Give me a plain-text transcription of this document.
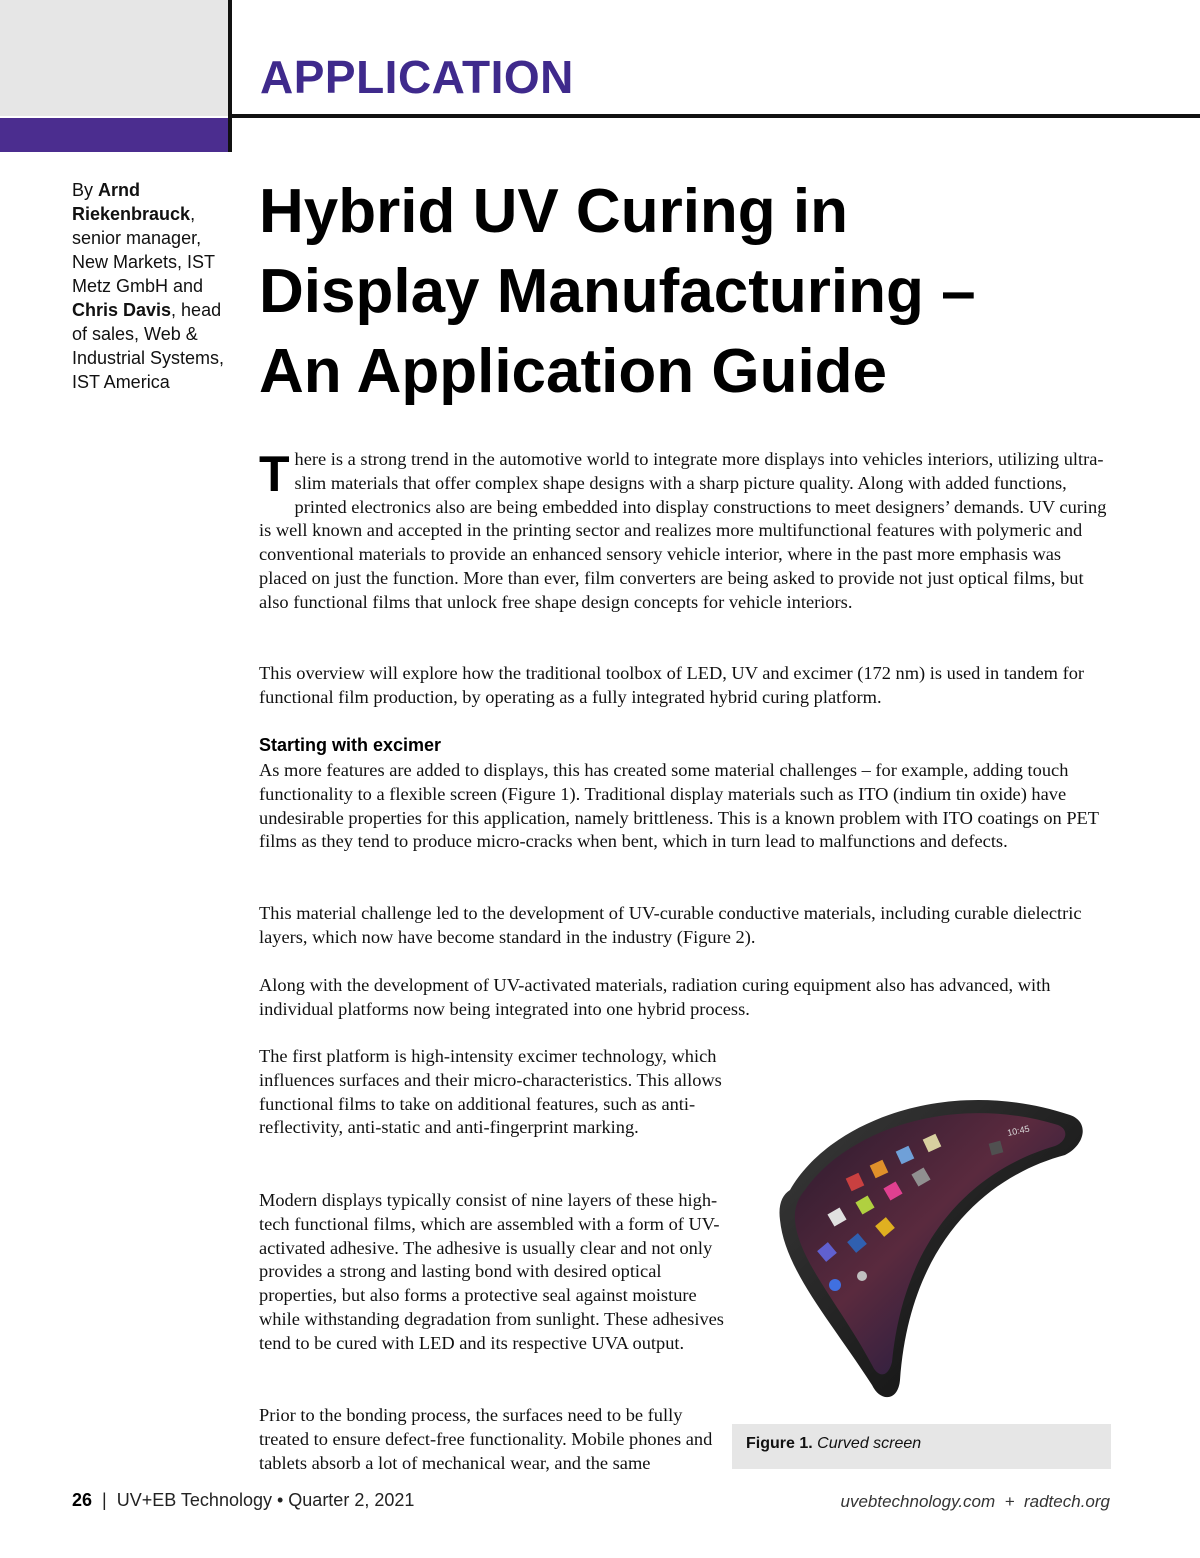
APPLICATION
By Arnd Riekenbrauck, senior manager, New Markets, IST Metz GmbH and Chris Davis, head of sales, Web & Industrial Systems, IST America
Hybrid UV Curing in
Display Manufacturing –
An Application Guide
There is a strong trend in the automotive world to integrate more displays into vehicles interiors, utilizing ultra-slim materials that offer complex shape designs with a sharp picture quality. Along with added functions, printed electronics also are being embedded into display constructions to meet designers’ demands. UV curing is well known and accepted in the printing sector and realizes more multifunctional features with polymeric and conventional materials to provide an enhanced sensory vehicle interior, where in the past more emphasis was placed on just the function. More than ever, film converters are being asked to provide not just optical films, but also functional films that unlock free shape design concepts for vehicle interiors.

This overview will explore how the traditional toolbox of LED, UV and excimer (172 nm) is used in tandem for functional film production, by operating as a fully integrated hybrid curing platform.

Starting with excimer

As more features are added to displays, this has created some material challenges – for example, adding touch functionality to a flexible screen (Figure 1). Traditional display materials such as ITO (indium tin oxide) have undesirable properties for this application, namely brittleness. This is a known problem with ITO coatings on PET films as they tend to produce micro-cracks when bent, which in turn lead to malfunctions and defects.

This material challenge led to the development of UV-curable conductive materials, including curable dielectric layers, which now have become standard in the industry (Figure 2).

Along with the development of UV-activated materials, radiation curing equipment also has advanced, with individual platforms now being integrated into one hybrid process.

The first platform is high-intensity excimer technology, which influences surfaces and their micro-characteristics. This allows functional films to take on additional features, such as anti-reflectivity, anti-static and anti-fingerprint marking.

Modern displays typically consist of nine layers of these high-tech functional films, which are assembled with a form of UV-activated adhesive. The adhesive is usually clear and not only provides a strong and lasting bond with desired optical properties, but also forms a protective seal against moisture while withstanding degradation from sunlight. These adhesives tend to be cured with LED and its respective UVA output.

Prior to the bonding process, the surfaces need to be fully treated to ensure defect-free functionality. Mobile phones and tablets absorb a lot of mechanical wear, and the same

10:45
Figure 1. Curved screen
26  |  UV+EB Technology • Quarter 2, 2021	uvebtechnology.com  +  radtech.org
